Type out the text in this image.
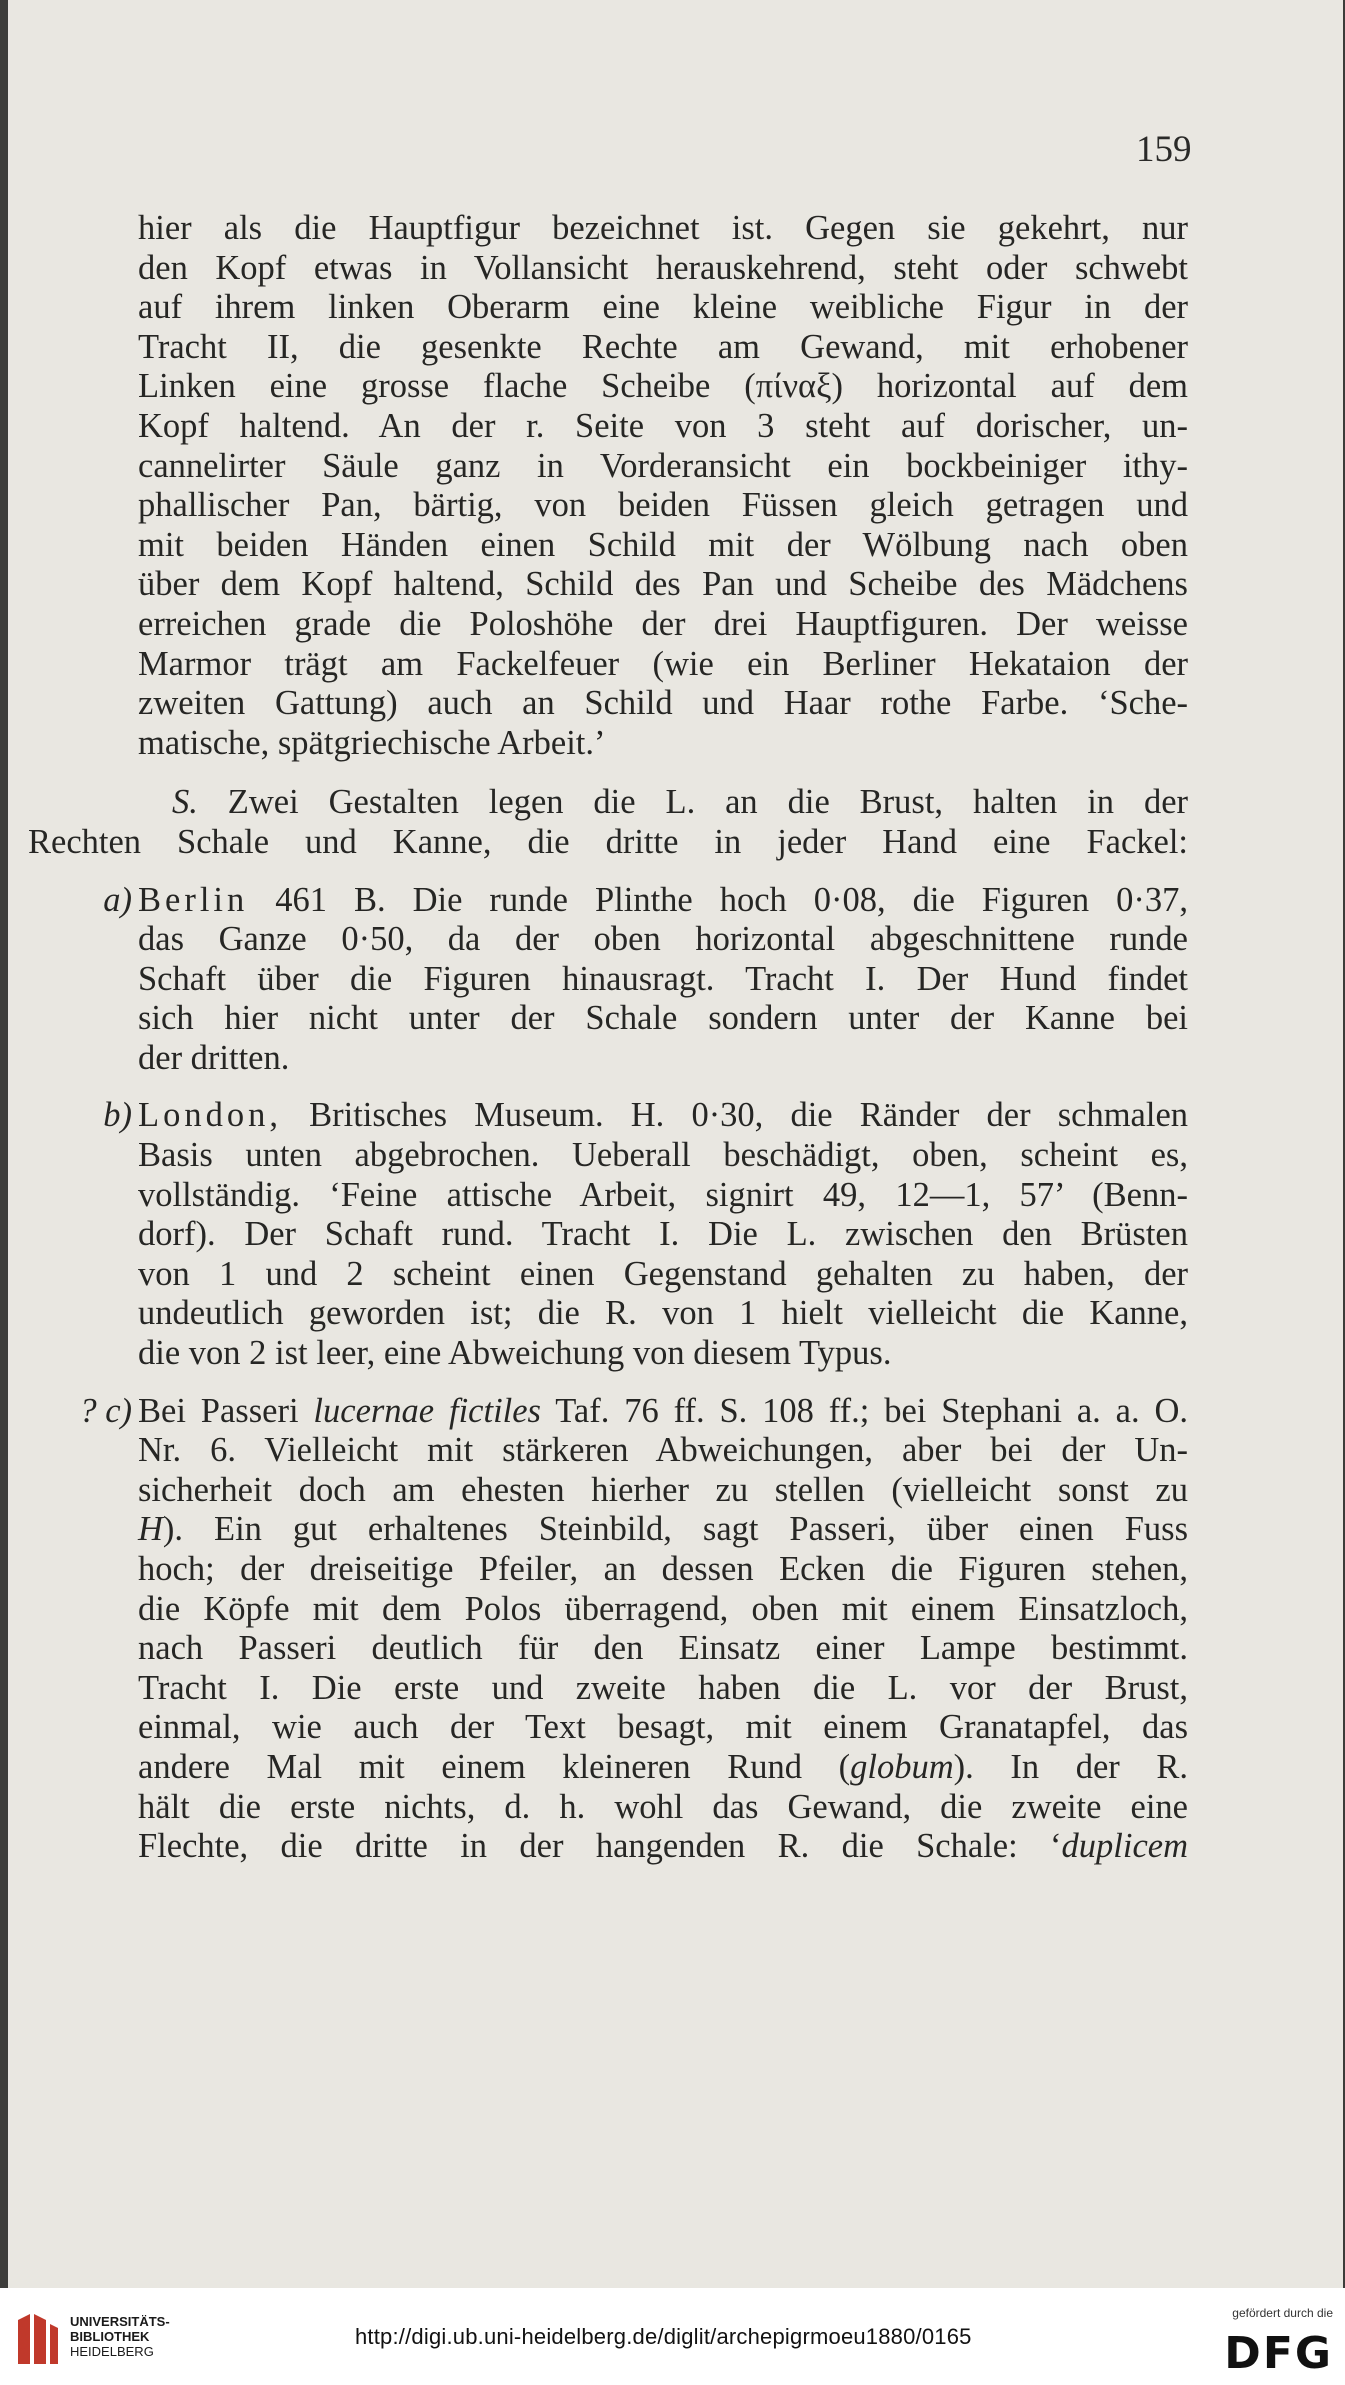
159
hier als die Hauptfigur bezeichnet ist. Gegen sie gekehrt, nur
den Kopf etwas in Vollansicht herauskehrend, steht oder schwebt
auf ihrem linken Oberarm eine kleine weibliche Figur in der
Tracht II, die gesenkte Rechte am Gewand, mit erhobener
Linken eine grosse flache Scheibe (πίναξ) horizontal auf dem
Kopf haltend. An der r. Seite von 3 steht auf dorischer, un-
cannelirter Säule ganz in Vorderansicht ein bockbeiniger ithy-
phallischer Pan, bärtig, von beiden Füssen gleich getragen und
mit beiden Händen einen Schild mit der Wölbung nach oben
über dem Kopf haltend, Schild des Pan und Scheibe des Mädchens
erreichen grade die Poloshöhe der drei Hauptfiguren. Der weisse
Marmor trägt am Fackelfeuer (wie ein Berliner Hekataion der
zweiten Gattung) auch an Schild und Haar rothe Farbe. ‘Sche-
matische, spätgriechische Arbeit.’
S. Zwei Gestalten legen die L. an die Brust, halten in der
Rechten Schale und Kanne, die dritte in jeder Hand eine Fackel:
a) Berlin 461 B. Die runde Plinthe hoch 0·08, die Figuren 0·37,
das Ganze 0·50, da der oben horizontal abgeschnittene runde
Schaft über die Figuren hinausragt. Tracht I. Der Hund findet
sich hier nicht unter der Schale sondern unter der Kanne bei
der dritten.
b) London, Britisches Museum. H. 0·30, die Ränder der schmalen
Basis unten abgebrochen. Ueberall beschädigt, oben, scheint es,
vollständig. ‘Feine attische Arbeit, signirt 49, 12—1, 57’ (Benn-
dorf). Der Schaft rund. Tracht I. Die L. zwischen den Brüsten
von 1 und 2 scheint einen Gegenstand gehalten zu haben, der
undeutlich geworden ist; die R. von 1 hielt vielleicht die Kanne,
die von 2 ist leer, eine Abweichung von diesem Typus.
? c) Bei Passeri lucernae fictiles Taf. 76 ff. S. 108 ff.; bei Stephani a. a. O.
Nr. 6. Vielleicht mit stärkeren Abweichungen, aber bei der Un-
sicherheit doch am ehesten hierher zu stellen (vielleicht sonst zu
H). Ein gut erhaltenes Steinbild, sagt Passeri, über einen Fuss
hoch; der dreiseitige Pfeiler, an dessen Ecken die Figuren stehen,
die Köpfe mit dem Polos überragend, oben mit einem Einsatzloch,
nach Passeri deutlich für den Einsatz einer Lampe bestimmt.
Tracht I. Die erste und zweite haben die L. vor der Brust,
einmal, wie auch der Text besagt, mit einem Granatapfel, das
andere Mal mit einem kleineren Rund (globum). In der R.
hält die erste nichts, d. h. wohl das Gewand, die zweite eine
Flechte, die dritte in der hangenden R. die Schale: ‘duplicem
UNIVERSITÄTS-
BIBLIOTHEK
HEIDELBERG
http://digi.ub.uni-heidelberg.de/diglit/archepigrmoeu1880/0165
gefördert durch die
DFG
